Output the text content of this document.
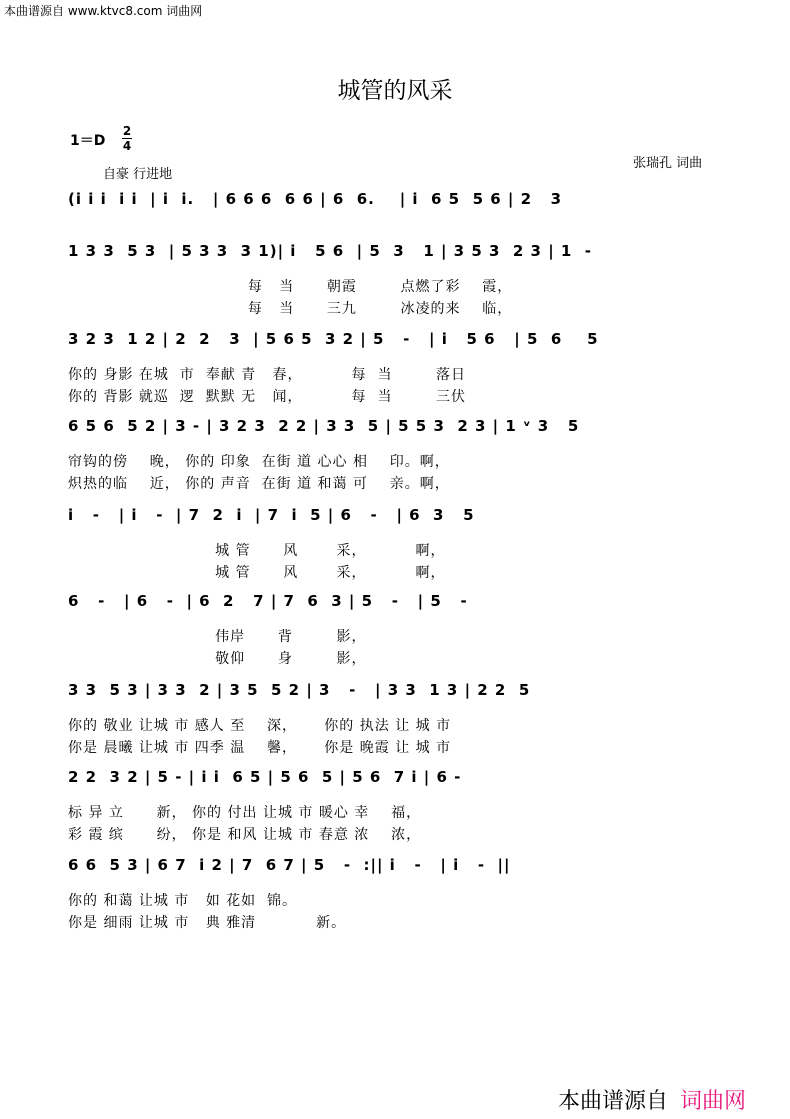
本曲谱源自 www.ktvc8.com 词曲网
城管的风采
1＝D
2
4
自豪 行进地
张瑞孔 词曲
(i i i  i i  | i  i.   | 6 6 6  6 6 | 6  6.    | i  6 5  5 6 | 2   3
1 3 3  5 3  | 5 3 3  3 1)| i   5 6  | 5  3   1 | 3 5 3  2 3 | 1  -
每   当      朝霞        点燃了彩    霞，
每   当      三九        冰凌的来    临，
3 2 3  1 2 | 2  2   3  | 5 6 5  3 2 | 5   -   | i   5 6   | 5  6    5
你的 身影 在城  市  奉献 青   春，         每  当        落日
你的 背影 就巡  逻  默默 无   闻，         每  当        三伏
6 5 6  5 2 | 3 - | 3 2 3  2 2 | 3 3  5 | 5 5 3  2 3 | 1 ᵛ 3   5
帘钩的傍    晚， 你的 印象  在街 道 心心 相    印。啊，
炽热的临    近， 你的 声音  在街 道 和蔼 可    亲。啊，
i   -   | i   -  | 7  2  i  | 7  i  5 | 6   -   | 6  3   5
城 管      风       采，         啊，
城 管      风       采，         啊，
6   -   | 6   -  | 6  2   7 | 7  6  3 | 5   -   | 5   -
伟岸      背        影，
敬仰      身        影，
3 3  5 3 | 3 3  2 | 3 5  5 2 | 3   -   | 3 3  1 3 | 2 2  5
你的 敬业 让城 市 感人 至    深，     你的 执法 让 城 市
你是 晨曦 让城 市 四季 温    馨，     你是 晚霞 让 城 市
2 2  3 2 | 5 - | i i  6 5 | 5 6  5 | 5 6  7 i | 6 -
标 异 立      新， 你的 付出 让城 市 暖心 幸    福，
彩 霞 缤      纷， 你是 和风 让城 市 春意 浓    浓，
6 6  5 3 | 6 7  i 2 | 7  6 7 | 5   -  :|| i   -   | i   -  ||
你的 和蔼 让城 市   如 花如  锦。
你是 细雨 让城 市   典 雅清           新。
本曲谱源自 词曲网
